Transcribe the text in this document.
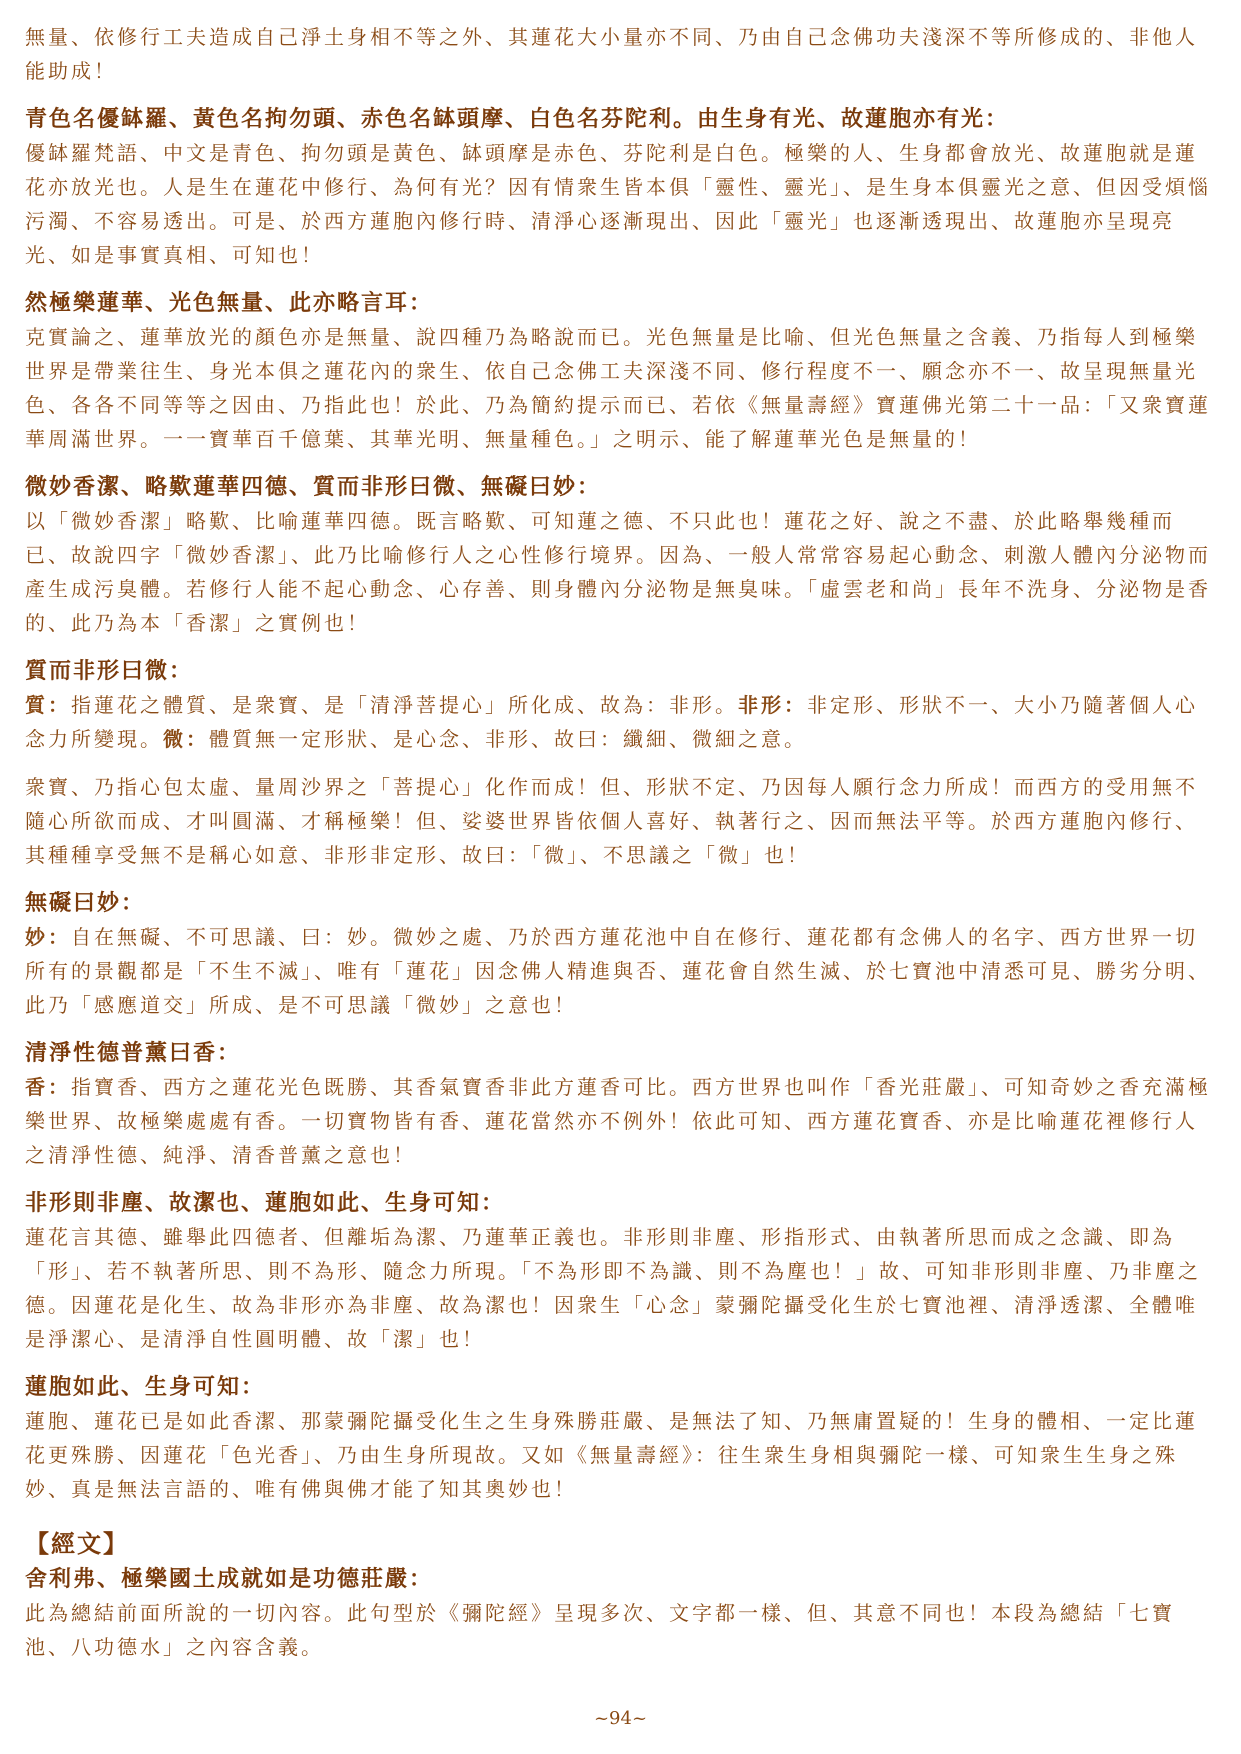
無量、依修行工夫造成自己淨土身相不等之外、其蓮花大小量亦不同、乃由自己念佛功夫淺深不等所修成的、非他人能助成！

青色名優缽羅、黃色名拘勿頭、赤色名缽頭摩、白色名芬陀利。由生身有光、故蓮胞亦有光：

優缽羅梵語、中文是青色、拘勿頭是黃色、缽頭摩是赤色、芬陀利是白色。極樂的人、生身都會放光、故蓮胞就是蓮花亦放光也。人是生在蓮花中修行、為何有光？因有情衆生皆本俱「靈性、靈光」、是生身本俱靈光之意、但因受煩惱污濁、不容易透出。可是、於西方蓮胞內修行時、清淨心逐漸現出、因此「靈光」也逐漸透現出、故蓮胞亦呈現亮光、如是事實真相、可知也！

然極樂蓮華、光色無量、此亦略言耳：

克實論之、蓮華放光的顏色亦是無量、說四種乃為略說而已。光色無量是比喻、但光色無量之含義、乃指每人到極樂世界是帶業往生、身光本俱之蓮花內的衆生、依自己念佛工夫深淺不同、修行程度不一、願念亦不一、故呈現無量光色、各各不同等等之因由、乃指此也！於此、乃為簡約提示而已、若依《無量壽經》寶蓮佛光第二十一品：「又衆寶蓮華周滿世界。一一寶華百千億葉、其華光明、無量種色。」之明示、能了解蓮華光色是無量的！

微妙香潔、略歎蓮華四德、質而非形曰微、無礙曰妙：

以「微妙香潔」略歎、比喻蓮華四德。既言略歎、可知蓮之德、不只此也！蓮花之好、說之不盡、於此略舉幾種而已、故說四字「微妙香潔」、此乃比喻修行人之心性修行境界。因為、一般人常常容易起心動念、刺激人體內分泌物而產生成污臭體。若修行人能不起心動念、心存善、則身體內分泌物是無臭味。「虛雲老和尚」長年不洗身、分泌物是香的、此乃為本「香潔」之實例也！

質而非形曰微：

質：指蓮花之體質、是衆寶、是「清淨菩提心」所化成、故為：非形。非形：非定形、形狀不一、大小乃隨著個人心念力所變現。微：體質無一定形狀、是心念、非形、故曰：纖細、微細之意。

衆寶、乃指心包太虛、量周沙界之「菩提心」化作而成！但、形狀不定、乃因每人願行念力所成！而西方的受用無不隨心所欲而成、才叫圓滿、才稱極樂！但、娑婆世界皆依個人喜好、執著行之、因而無法平等。於西方蓮胞內修行、其種種享受無不是稱心如意、非形非定形、故曰：「微」、不思議之「微」也！

無礙曰妙：

妙：自在無礙、不可思議、曰：妙。微妙之處、乃於西方蓮花池中自在修行、蓮花都有念佛人的名字、西方世界一切所有的景觀都是「不生不滅」、唯有「蓮花」因念佛人精進與否、蓮花會自然生滅、於七寶池中清悉可見、勝劣分明、此乃「感應道交」所成、是不可思議「微妙」之意也！

清淨性德普薰曰香：

香：指寶香、西方之蓮花光色既勝、其香氣寶香非此方蓮香可比。西方世界也叫作「香光莊嚴」、可知奇妙之香充滿極樂世界、故極樂處處有香。一切寶物皆有香、蓮花當然亦不例外！依此可知、西方蓮花寶香、亦是比喻蓮花裡修行人之清淨性德、純淨、清香普薰之意也！

非形則非塵、故潔也、蓮胞如此、生身可知：

蓮花言其德、雖舉此四德者、但離垢為潔、乃蓮華正義也。非形則非塵、形指形式、由執著所思而成之念識、即為「形」、若不執著所思、則不為形、隨念力所現。「不為形即不為識、則不為塵也！」故、可知非形則非塵、乃非塵之德。因蓮花是化生、故為非形亦為非塵、故為潔也！因衆生「心念」蒙彌陀攝受化生於七寶池裡、清淨透潔、全體唯是淨潔心、是清淨自性圓明體、故「潔」也！

蓮胞如此、生身可知：

蓮胞、蓮花已是如此香潔、那蒙彌陀攝受化生之生身殊勝莊嚴、是無法了知、乃無庸置疑的！生身的體相、一定比蓮花更殊勝、因蓮花「色光香」、乃由生身所現故。又如《無量壽經》：往生衆生身相與彌陀一樣、可知衆生生身之殊妙、真是無法言語的、唯有佛與佛才能了知其奧妙也！

【經文】
舍利弗、極樂國土成就如是功德莊嚴：

此為總結前面所說的一切內容。此句型於《彌陀經》呈現多次、文字都一樣、但、其意不同也！本段為總結「七寶池、八功德水」之內容含義。

~94~
